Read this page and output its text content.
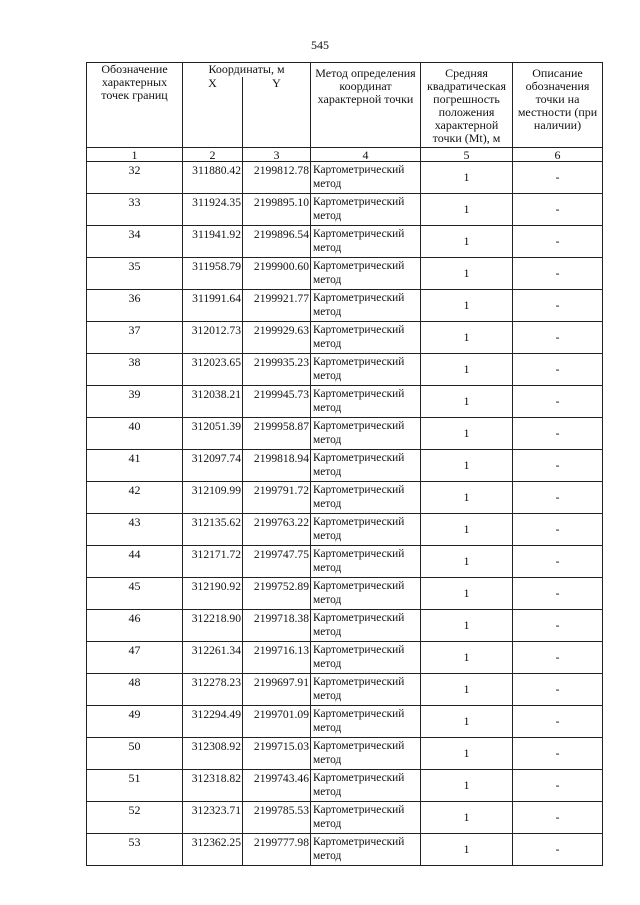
545
Обозначение характерных точек границ	Координаты, м		Метод определения координат характерной точки	Средняя квадратическая погрешность положения характерной точки (Mt), м	Описание обозначения точки на местности (при наличии)

	X	Y			
1	2	3	4	5	6
32	311880.42	2199812.78	Картометрический метод	1	-
33	311924.35	2199895.10	Картометрический метод	1	-
34	311941.92	2199896.54	Картометрический метод	1	-
35	311958.79	2199900.60	Картометрический метод	1	-
36	311991.64	2199921.77	Картометрический метод	1	-
37	312012.73	2199929.63	Картометрический метод	1	-
38	312023.65	2199935.23	Картометрический метод	1	-
39	312038.21	2199945.73	Картометрический метод	1	-
40	312051.39	2199958.87	Картометрический метод	1	-
41	312097.74	2199818.94	Картометрический метод	1	-
42	312109.99	2199791.72	Картометрический метод	1	-
43	312135.62	2199763.22	Картометрический метод	1	-
44	312171.72	2199747.75	Картометрический метод	1	-
45	312190.92	2199752.89	Картометрический метод	1	-
46	312218.90	2199718.38	Картометрический метод	1	-
47	312261.34	2199716.13	Картометрический метод	1	-
48	312278.23	2199697.91	Картометрический метод	1	-
49	312294.49	2199701.09	Картометрический метод	1	-
50	312308.92	2199715.03	Картометрический метод	1	-
51	312318.82	2199743.46	Картометрический метод	1	-
52	312323.71	2199785.53	Картометрический метод	1	-
53	312362.25	2199777.98	Картометрический метод	1	-
